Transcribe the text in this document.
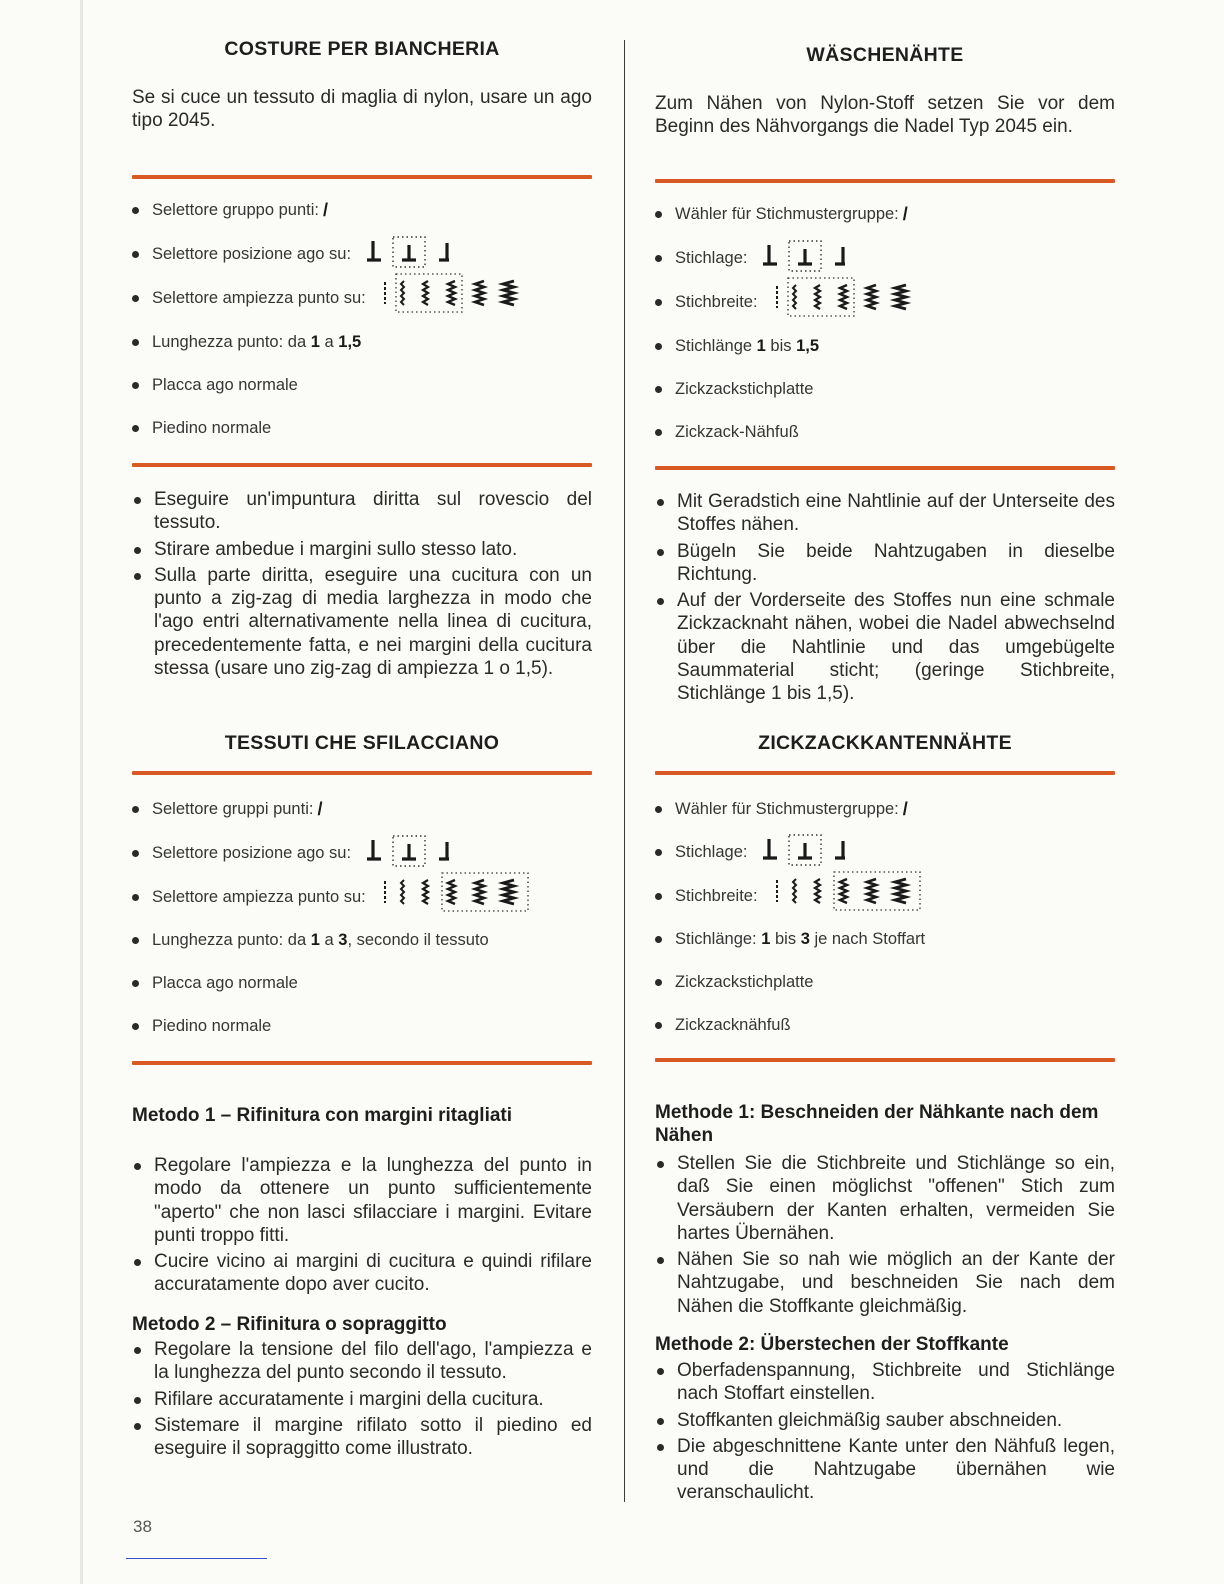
COSTURE PER BIANCHERIA
Se si cuce un tessuto di maglia di nylon, usare un ago tipo 2045.
Selettore gruppo punti: /
Selettore posizione ago su:
Selettore ampiezza punto su:
Lunghezza punto: da 1 a 1,5
Placca ago normale
Piedino normale
Eseguire un'impuntura diritta sul rovescio del tessuto.
Stirare ambedue i margini sullo stesso lato.
Sulla parte diritta, eseguire una cucitura con un punto a zig-zag di media larghezza in modo che l'ago entri alternativamente nella linea di cucitura, precedentemente fatta, e nei margini della cucitura stessa (usare uno zig-zag di ampiezza 1 o 1,5).
TESSUTI CHE SFILACCIANO
Selettore gruppi punti: /
Selettore posizione ago su:
Selettore ampiezza punto su:
Lunghezza punto: da 1 a 3, secondo il tessuto
Placca ago normale
Piedino normale
Metodo 1 – Rifinitura con margini ritagliati
Regolare l'ampiezza e la lunghezza del punto in modo da ottenere un punto sufficientemente "aperto" che non lasci sfilacciare i margini. Evitare punti troppo fitti.
Cucire vicino ai margini di cucitura e quindi rifilare accuratamente dopo aver cucito.
Metodo 2 – Rifinitura o sopraggitto
Regolare la tensione del filo dell'ago, l'ampiezza e la lunghezza del punto secondo il tessuto.
Rifilare accuratamente i margini della cucitura.
Sistemare il margine rifilato sotto il piedino ed eseguire il sopraggitto come illustrato.
WÄSCHENÄHTE
Zum Nähen von Nylon-Stoff setzen Sie vor dem Beginn des Nähvorgangs die Nadel Typ 2045 ein.
Wähler für Stichmustergruppe: /
Stichlage:
Stichbreite:
Stichlänge 1 bis 1,5
Zickzackstichplatte
Zickzack-Nähfuß
Mit Geradstich eine Nahtlinie auf der Unterseite des Stoffes nähen.
Bügeln Sie beide Nahtzugaben in dieselbe Richtung.
Auf der Vorderseite des Stoffes nun eine schmale Zickzacknaht nähen, wobei die Nadel abwechselnd über die Nahtlinie und das umgebügelte Saummaterial sticht; (geringe Stichbreite, Stichlänge 1 bis 1,5).
ZICKZACKKANTENNÄHTE
Wähler für Stichmustergruppe: /
Stichlage:
Stichbreite:
Stichlänge: 1 bis 3 je nach Stoffart
Zickzackstichplatte
Zickzacknähfuß
Methode 1: Beschneiden der Nähkante nach dem Nähen
Stellen Sie die Stichbreite und Stichlänge so ein, daß Sie einen möglichst "offenen" Stich zum Versäubern der Kanten erhalten, vermeiden Sie hartes Übernähen.
Nähen Sie so nah wie möglich an der Kante der Nahtzugabe, und beschneiden Sie nach dem Nähen die Stoffkante gleichmäßig.
Methode 2: Überstechen der Stoffkante
Oberfadenspannung, Stichbreite und Stichlänge nach Stoffart einstellen.
Stoffkanten gleichmäßig sauber abschneiden.
Die abgeschnittene Kante unter den Nähfuß legen, und die Nahtzugabe übernähen wie veranschaulicht.
38
